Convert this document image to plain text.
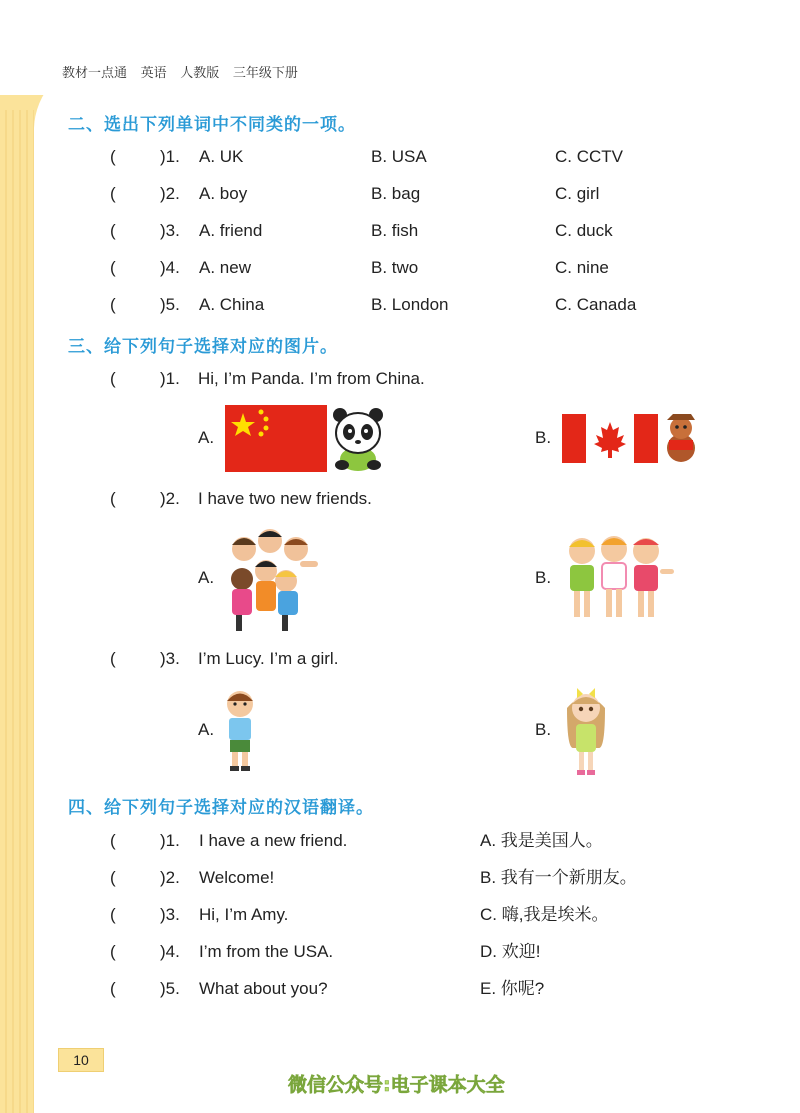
教材一点通 英语 人教版 三年级下册
二、选出下列单词中不同类的一项。
(	)1. A. UK	B. USA	C. CCTV
(	)2. A. boy	B. bag	C. girl
(	)3. A. friend	B. fish	C. duck
(	)4. A. new	B. two	C. nine
(	)5. A. China	B. London	C. Canada
三、给下列句子选择对应的图片。
(	)1. Hi, I’m Panda. I’m from China.
A.	B.
(	)2. I have two new friends.
A.	B.
(	)3. I’m Lucy. I’m a girl.
A.	B.
四、给下列句子选择对应的汉语翻译。
(	)1. I have a new friend.	A. 我是美国人。
(	)2. Welcome!	B. 我有一个新朋友。
(	)3. Hi, I’m Amy.	C. 嗨,我是埃米。
(	)4. I’m from the USA.	D. 欢迎!
(	)5. What about you?	E. 你呢?
10
微信公众号:电子课本大全
